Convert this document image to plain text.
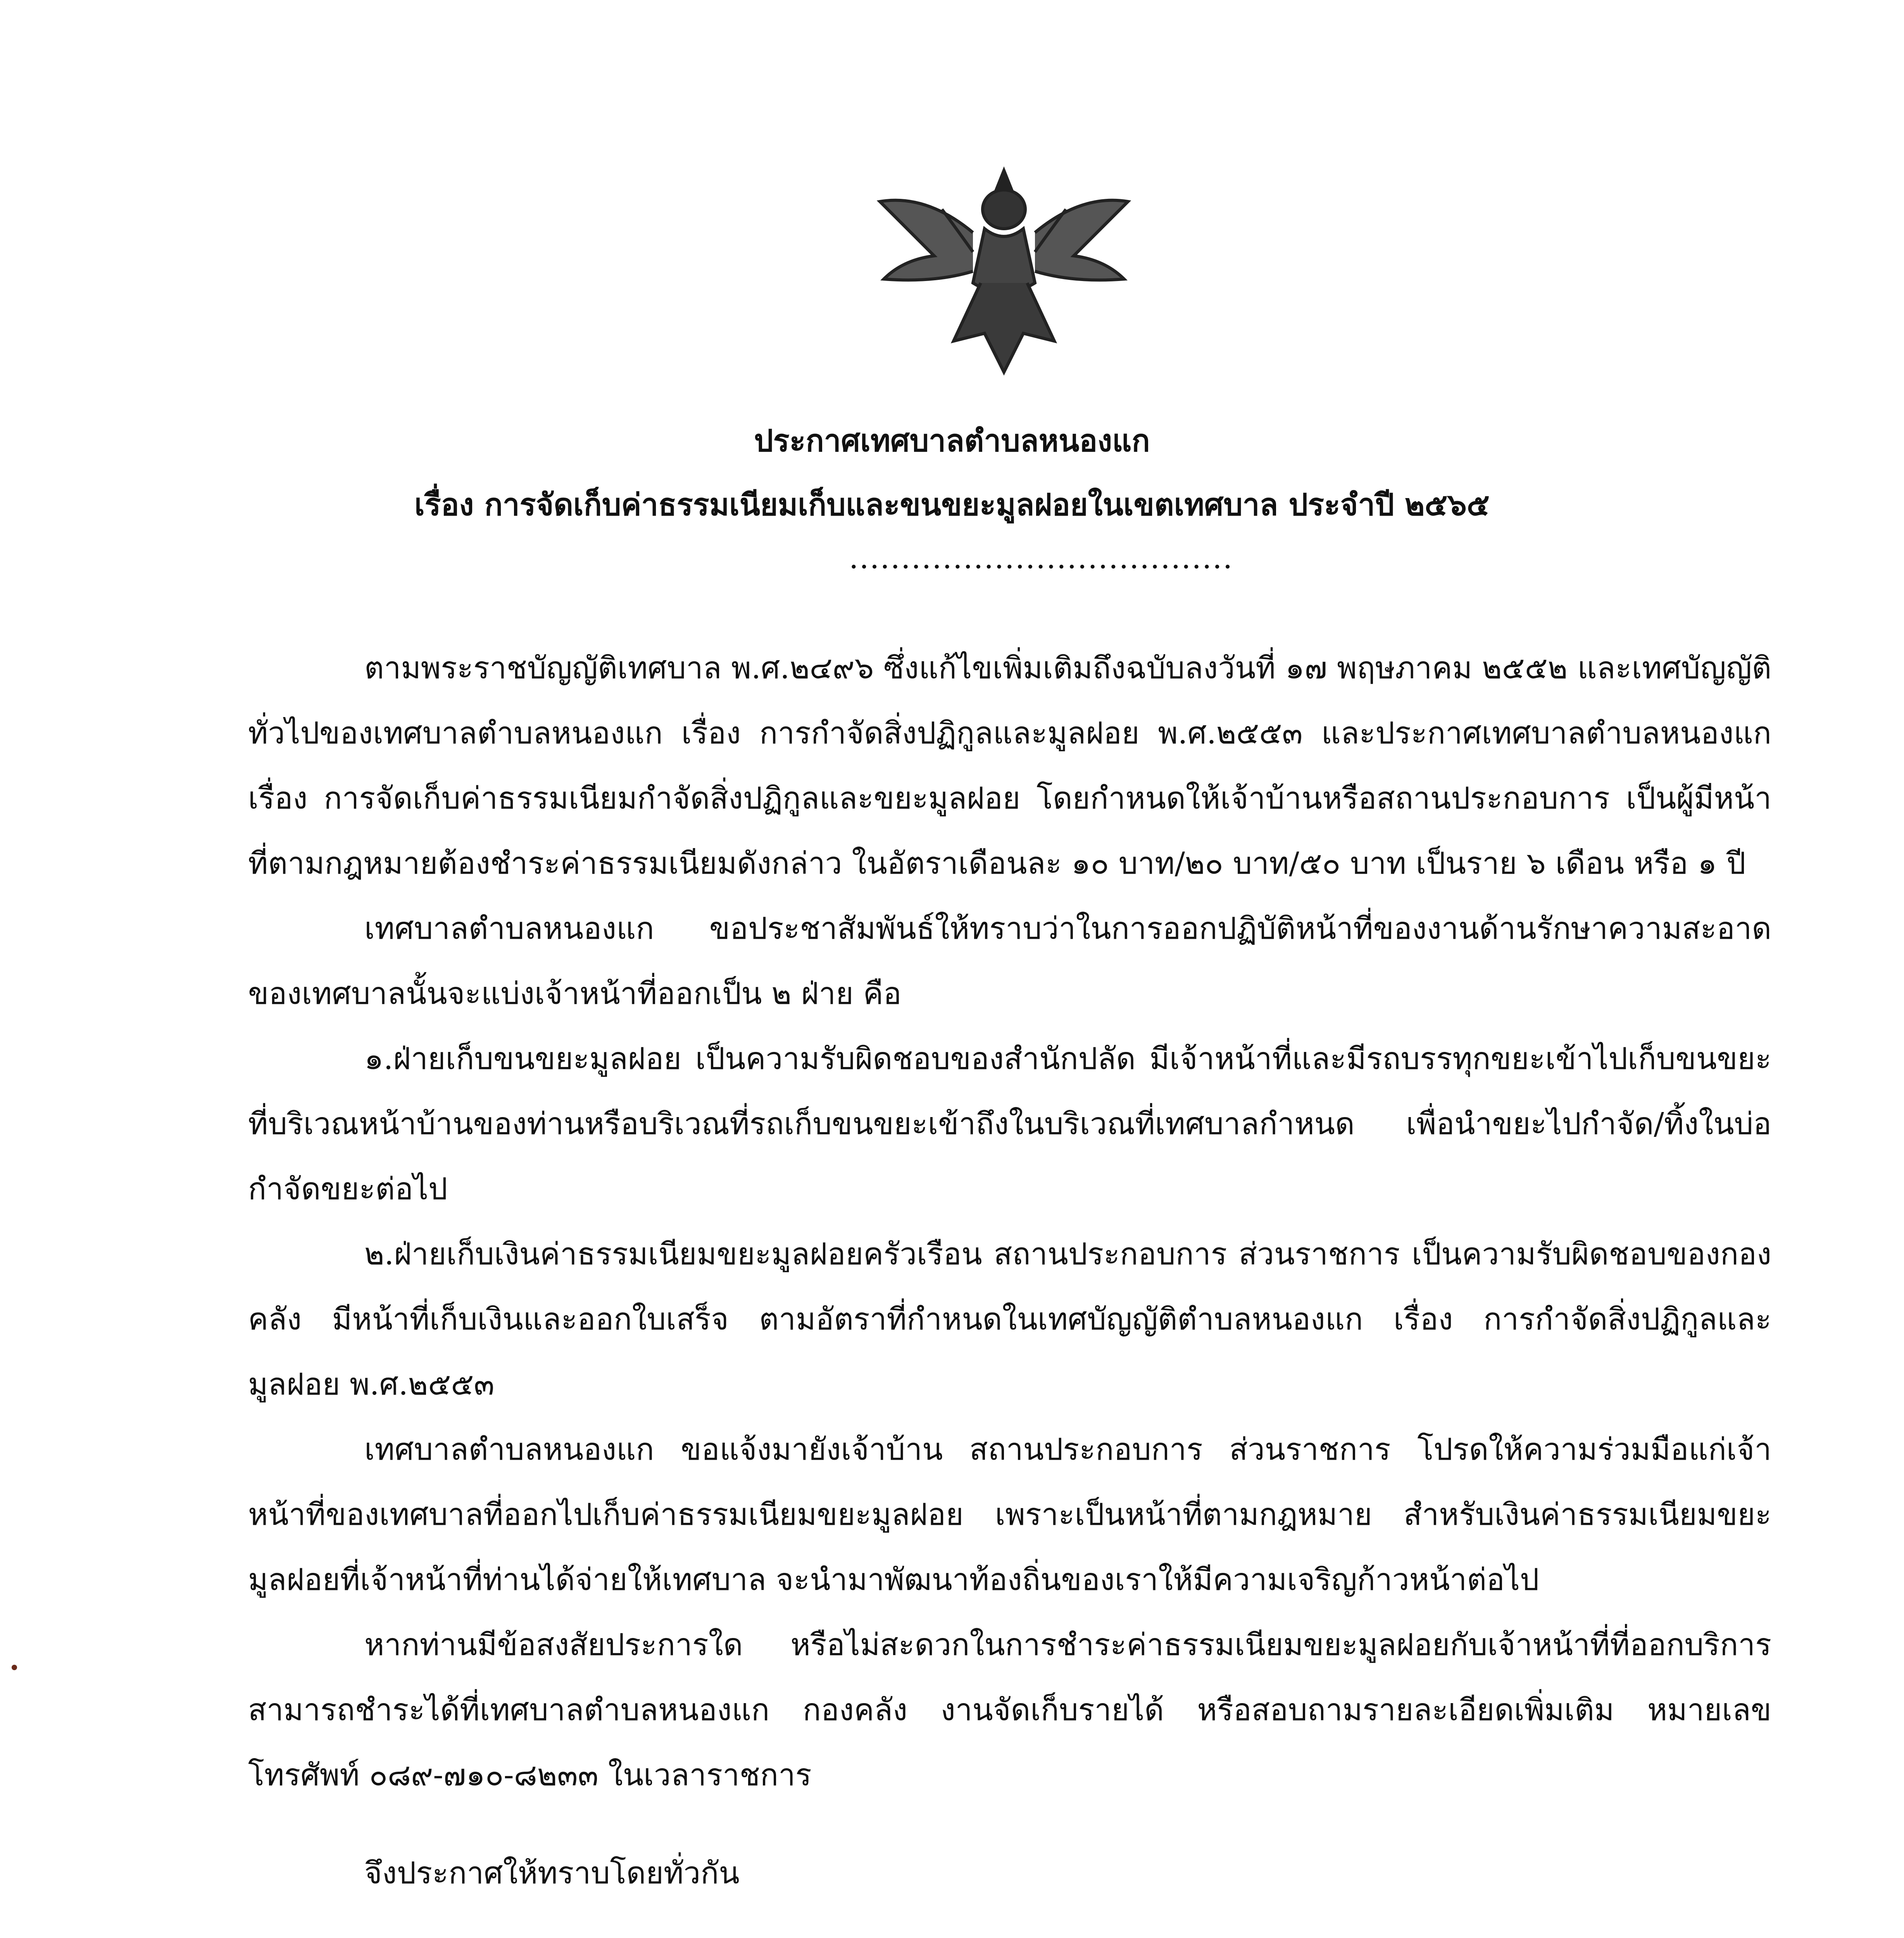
ประกาศเทศบาลตำบลหนองแก
เรื่อง การจัดเก็บค่าธรรมเนียมเก็บและขนขยะมูลฝอยในเขตเทศบาล ประจำปี ๒๕๖๕
.....................................

ตามพระราชบัญญัติเทศบาล พ.ศ.๒๔๙๖ ซึ่งแก้ไขเพิ่มเติมถึงฉบับลงวันที่ ๑๗ พฤษภาคม ๒๕๕๒ และเทศบัญญัติทั่วไปของเทศบาลตำบลหนองแก เรื่อง การกำจัดสิ่งปฏิกูลและมูลฝอย พ.ศ.๒๕๕๓ และประกาศเทศบาลตำบลหนองแก เรื่อง การจัดเก็บค่าธรรมเนียมกำจัดสิ่งปฏิกูลและขยะมูลฝอย โดยกำหนดให้เจ้าบ้านหรือสถานประกอบการ เป็นผู้มีหน้าที่ตามกฎหมายต้องชำระค่าธรรมเนียมดังกล่าว ในอัตราเดือนละ ๑๐ บาท/๒๐ บาท/๕๐ บาท เป็นราย ๖ เดือน หรือ ๑ ปี

เทศบาลตำบลหนองแก ขอประชาสัมพันธ์ให้ทราบว่าในการออกปฏิบัติหน้าที่ของงานด้านรักษาความสะอาดของเทศบาลนั้นจะแบ่งเจ้าหน้าที่ออกเป็น ๒ ฝ่าย คือ

๑.ฝ่ายเก็บขนขยะมูลฝอย เป็นความรับผิดชอบของสำนักปลัด มีเจ้าหน้าที่และมีรถบรรทุกขยะเข้าไปเก็บขนขยะที่บริเวณหน้าบ้านของท่านหรือบริเวณที่รถเก็บขนขยะเข้าถึงในบริเวณที่เทศบาลกำหนด เพื่อนำขยะไปกำจัด/ทิ้งในบ่อกำจัดขยะต่อไป

๒.ฝ่ายเก็บเงินค่าธรรมเนียมขยะมูลฝอยครัวเรือน สถานประกอบการ ส่วนราชการ เป็นความรับผิดชอบของกองคลัง มีหน้าที่เก็บเงินและออกใบเสร็จ ตามอัตราที่กำหนดในเทศบัญญัติตำบลหนองแก เรื่อง การกำจัดสิ่งปฏิกูลและมูลฝอย พ.ศ.๒๕๕๓

เทศบาลตำบลหนองแก ขอแจ้งมายังเจ้าบ้าน สถานประกอบการ ส่วนราชการ โปรดให้ความร่วมมือแก่เจ้าหน้าที่ของเทศบาลที่ออกไปเก็บค่าธรรมเนียมขยะมูลฝอย เพราะเป็นหน้าที่ตามกฎหมาย สำหรับเงินค่าธรรมเนียมขยะมูลฝอยที่เจ้าหน้าที่ท่านได้จ่ายให้เทศบาล จะนำมาพัฒนาท้องถิ่นของเราให้มีความเจริญก้าวหน้าต่อไป

หากท่านมีข้อสงสัยประการใด หรือไม่สะดวกในการชำระค่าธรรมเนียมขยะมูลฝอยกับเจ้าหน้าที่ที่ออกบริการ สามารถชำระได้ที่เทศบาลตำบลหนองแก กองคลัง งานจัดเก็บรายได้ หรือสอบถามรายละเอียดเพิ่มเติม หมายเลขโทรศัพท์ ๐๘๙-๗๑๐-๘๒๓๓ ในเวลาราชการ

จึงประกาศให้ทราบโดยทั่วกัน
